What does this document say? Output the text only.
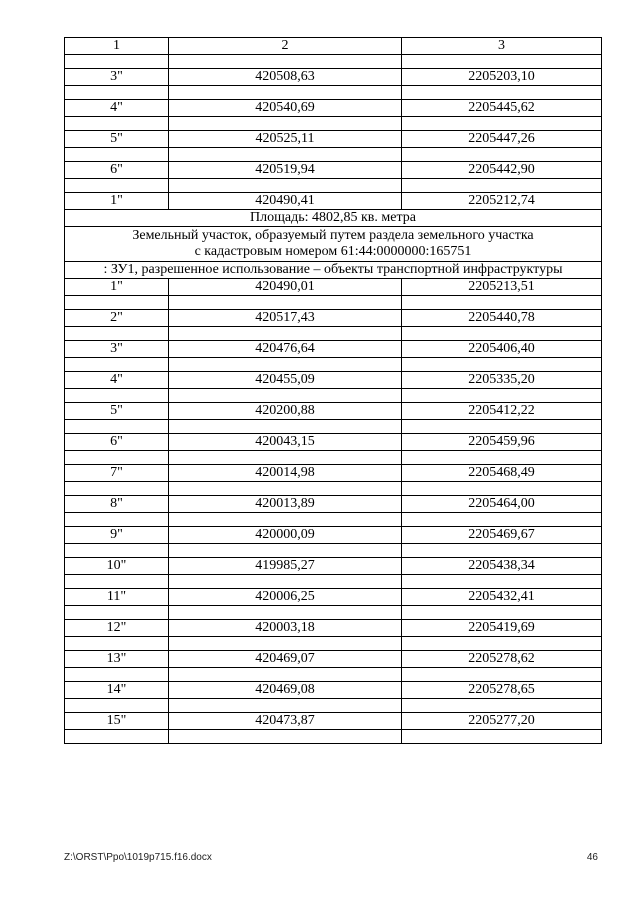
1	2	3

3"	420508,63	2205203,10

4"	420540,69	2205445,62

5"	420525,11	2205447,26

6"	420519,94	2205442,90

1"	420490,41	2205212,74

Площадь: 4802,85 кв. метра		

Земельный участок, образуемый путем раздела земельного участка
с кадастровым номером 61:44:0000000:165751		

: ЗУ1, разрешенное использование – объекты транспортной инфраструктуры		

1"	420490,01	2205213,51

2"	420517,43	2205440,78

3"	420476,64	2205406,40

4"	420455,09	2205335,20

5"	420200,88	2205412,22

6"	420043,15	2205459,96

7"	420014,98	2205468,49

8"	420013,89	2205464,00

9"	420000,09	2205469,67

10"	419985,27	2205438,34

11"	420006,25	2205432,41

12"	420003,18	2205419,69

13"	420469,07	2205278,62

14"	420469,08	2205278,65

15"	420473,87	2205277,20

Z:\ORST\Ppo\1019p715.f16.docx	46
